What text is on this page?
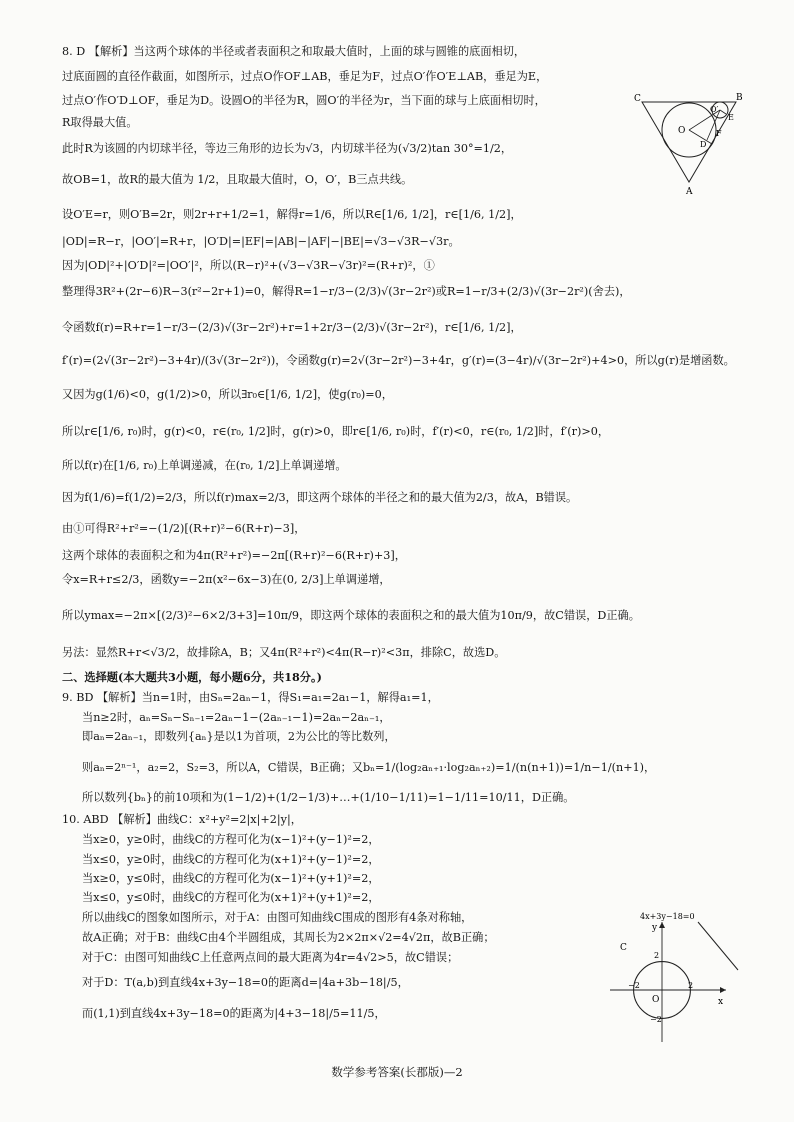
8. D 【解析】当这两个球体的半径或者表面积之和取最大值时，上面的球与圆锥的底面相切，
过底面圆的直径作截面，如图所示，过点O作OF⊥AB，垂足为F，过点O′作O′E⊥AB，垂足为E，
过点O′作O′D⊥OF，垂足为D。设圆O的半径为R，圆O′的半径为r，当下面的球与上底面相切时，
R取得最大值。
此时R为该圆的内切球半径，等边三角形的边长为√3，内切球半径为(√3/2)tan 30°=1/2，
故OB=1，故R的最大值为 1/2，且取最大值时，O，O′，B三点共线。
设O′E=r，则O′B=2r，则2r+r+1/2=1，解得r=1/6，所以R∈[1/6, 1/2]，r∈[1/6, 1/2]，
|OD|=R−r，|OO′|=R+r，|O′D|=|EF|=|AB|−|AF|−|BE|=√3−√3R−√3r。
因为|OD|²+|O′D|²=|OO′|²，所以(R−r)²+(√3−√3R−√3r)²=(R+r)²，①
整理得3R²+(2r−6)R−3(r²−2r+1)=0，解得R=1−r/3−(2/3)√(3r−2r²)或R=1−r/3+(2/3)√(3r−2r²)(舍去)，
令函数f(r)=R+r=1−r/3−(2/3)√(3r−2r²)+r=1+2r/3−(2/3)√(3r−2r²)，r∈[1/6, 1/2]，
f′(r)=(2√(3r−2r²)−3+4r)/(3√(3r−2r²))，令函数g(r)=2√(3r−2r²)−3+4r，g′(r)=(3−4r)/√(3r−2r²)+4>0，所以g(r)是增函数。
又因为g(1/6)<0，g(1/2)>0，所以∃r₀∈[1/6, 1/2]，使g(r₀)=0，
所以r∈[1/6, r₀)时，g(r)<0，r∈(r₀, 1/2]时，g(r)>0，即r∈[1/6, r₀)时，f′(r)<0，r∈(r₀, 1/2]时，f′(r)>0，
所以f(r)在[1/6, r₀)上单调递减，在(r₀, 1/2]上单调递增。
因为f(1/6)=f(1/2)=2/3，所以f(r)max=2/3，即这两个球体的半径之和的最大值为2/3，故A，B错误。
由①可得R²+r²=−(1/2)[(R+r)²−6(R+r)−3]，
这两个球体的表面积之和为4π(R²+r²)=−2π[(R+r)²−6(R+r)+3]，
令x=R+r≤2/3，函数y=−2π(x²−6x−3)在(0, 2/3]上单调递增，
所以ymax=−2π×[(2/3)²−6×2/3+3]=10π/9，即这两个球体的表面积之和的最大值为10π/9，故C错误，D正确。
另法：显然R+r<√3/2，故排除A，B；又4π(R²+r²)<4π(R−r)²<3π，排除C，故选D。
二、选择题(本大题共3小题，每小题6分，共18分。)
9. BD 【解析】当n=1时，由Sₙ=2aₙ−1，得S₁=a₁=2a₁−1，解得a₁=1，
当n≥2时，aₙ=Sₙ−Sₙ₋₁=2aₙ−1−(2aₙ₋₁−1)=2aₙ−2aₙ₋₁，
即aₙ=2aₙ₋₁，即数列{aₙ}是以1为首项，2为公比的等比数列，
则aₙ=2ⁿ⁻¹，a₂=2，S₂=3，所以A，C错误，B正确；又bₙ=1/(log₂aₙ₊₁·log₂aₙ₊₂)=1/(n(n+1))=1/n−1/(n+1)，
所以数列{bₙ}的前10项和为(1−1/2)+(1/2−1/3)+…+(1/10−1/11)=1−1/11=10/11，D正确。
10. ABD 【解析】曲线C：x²+y²=2|x|+2|y|，
当x≥0，y≥0时，曲线C的方程可化为(x−1)²+(y−1)²=2，
当x≤0，y≥0时，曲线C的方程可化为(x+1)²+(y−1)²=2，
当x≥0，y≤0时，曲线C的方程可化为(x−1)²+(y+1)²=2，
当x≤0，y≤0时，曲线C的方程可化为(x+1)²+(y+1)²=2，
所以曲线C的图象如图所示，对于A：由图可知曲线C围成的图形有4条对称轴，
故A正确；对于B：曲线C由4个半圆组成，其周长为2×2π×√2=4√2π，故B正确；
对于C：由图可知曲线C上任意两点间的最大距离为4r=4√2>5，故C错误；
对于D：T(a,b)到直线4x+3y−18=0的距离d=|4a+3b−18|/5，
而(1,1)到直线4x+3y−18=0的距离为|4+3−18|/5=11/5，
C	B
A
O
O′
D
E
F
4x+3y−18=0
y
x
O
C
2
−2
2
−2
数学参考答案(长郡版)—2
